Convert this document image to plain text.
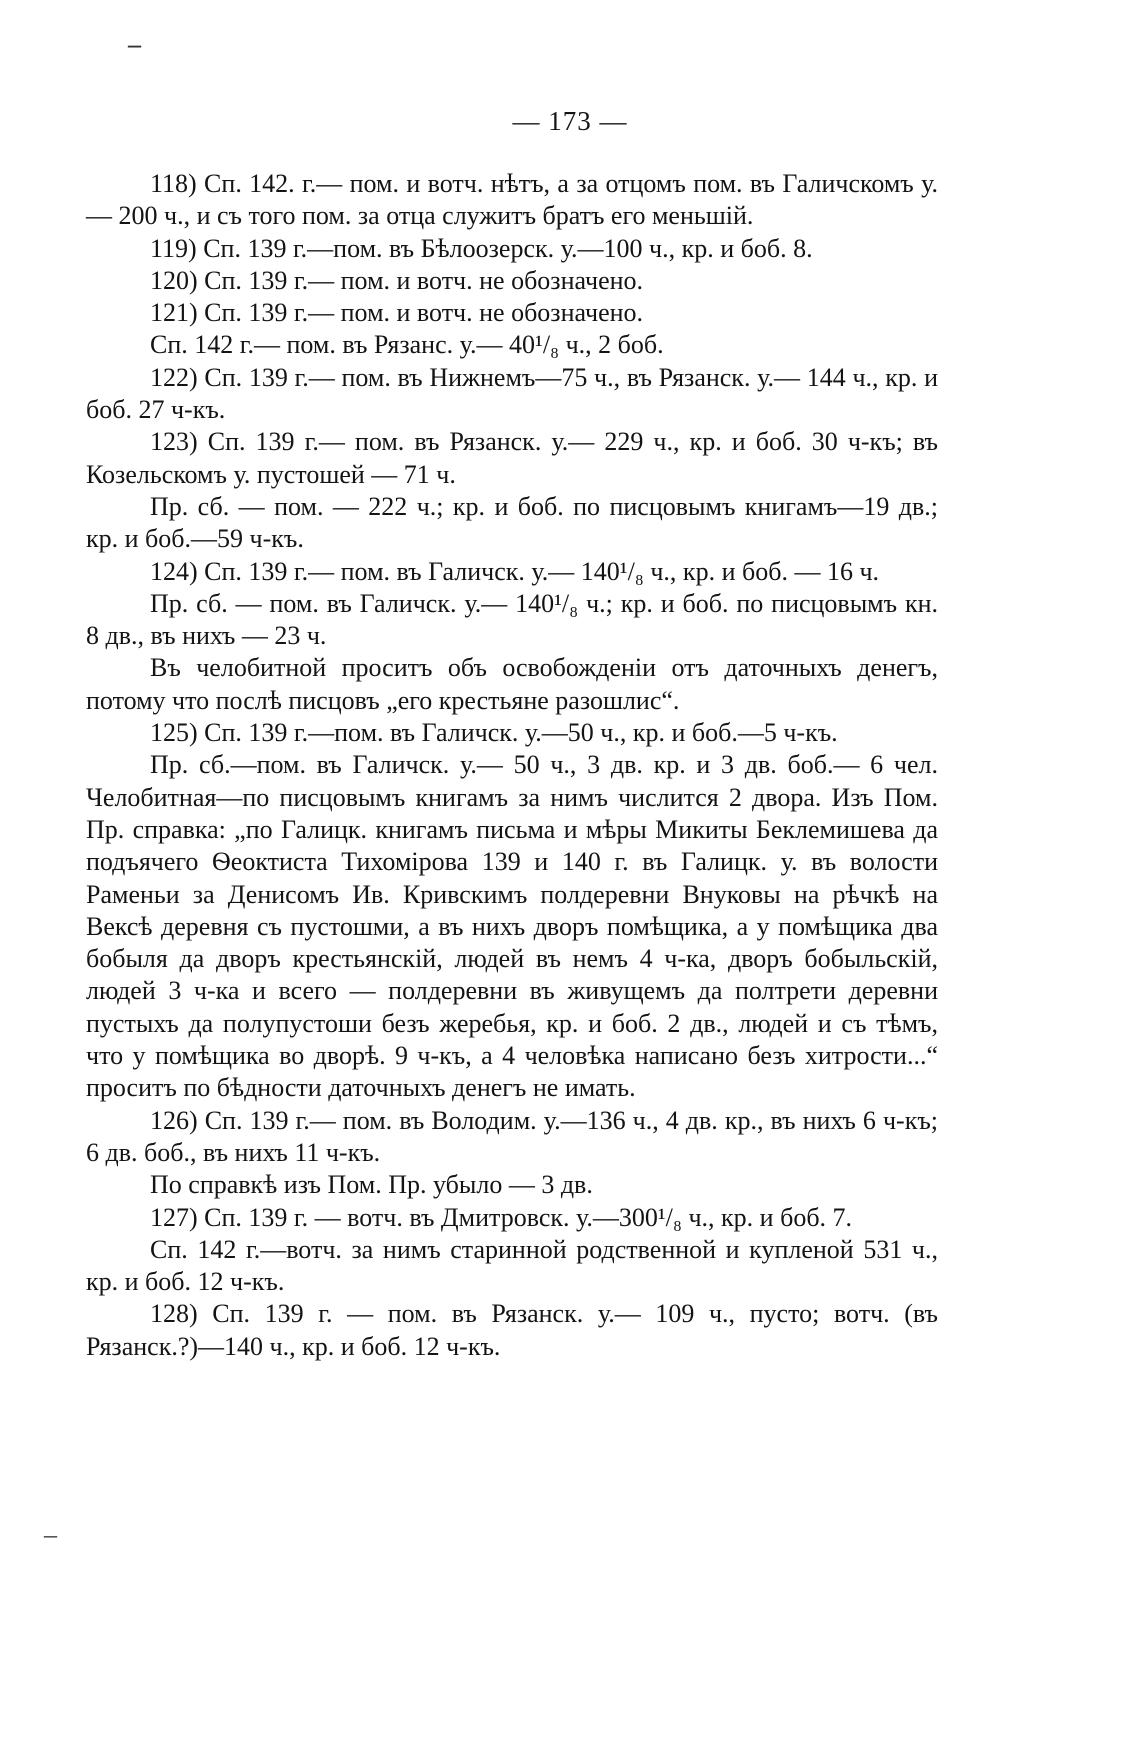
–
— 173 —

118) Сп. 142. г.— пом. и вотч. нѣтъ, а за отцомъ пом. въ Галичскомъ у.— 200 ч., и съ того пом. за отца служитъ братъ его меньшій.

119) Сп. 139 г.—пом. въ Бѣлоозерск. у.—100 ч., кр. и боб. 8.

120) Сп. 139 г.— пом. и вотч. не обозначено.

121) Сп. 139 г.— пом. и вотч. не обозначено.

Сп. 142 г.— пом. въ Рязанс. у.— 40¹/₈ ч., 2 боб.

122) Сп. 139 г.— пом. въ Нижнемъ—75 ч., въ Рязанск. у.— 144 ч., кр. и боб. 27 ч-къ.

123) Сп. 139 г.— пом. въ Рязанск. у.— 229 ч., кр. и боб. 30 ч-къ; въ Козельскомъ у. пустошей — 71 ч.

Пр. сб. — пом. — 222 ч.; кр. и боб. по писцовымъ книгамъ—19 дв.; кр. и боб.—59 ч-къ.

124) Сп. 139 г.— пом. въ Галичск. у.— 140¹/₈ ч., кр. и боб. — 16 ч.

Пр. сб. — пом. въ Галичск. у.— 140¹/₈ ч.; кр. и боб. по писцовымъ кн. 8 дв., въ нихъ — 23 ч.

Въ челобитной проситъ объ освобожденіи отъ даточныхъ денегъ, потому что послѣ писцовъ „его крестьяне разошлис“.

125) Сп. 139 г.—пом. въ Галичск. у.—50 ч., кр. и боб.—5 ч-къ.

Пр. сб.—пом. въ Галичск. у.— 50 ч., 3 дв. кр. и 3 дв. боб.— 6 чел. Челобитная—по писцовымъ книгамъ за нимъ числится 2 двора. Изъ Пом. Пр. справка: „по Галицк. книгамъ письма и мѣры Микиты Беклемишева да подъячего Ѳеоктиста Тихомірова 139 и 140 г. въ Галицк. у. въ волости Раменьи за Денисомъ Ив. Кривскимъ полдеревни Внуковы на рѣчкѣ на Вексѣ деревня съ пустошми, а въ нихъ дворъ помѣщика, а у помѣщика два бобыля да дворъ крестьянскій, людей въ немъ 4 ч-ка, дворъ бобыльскій, людей 3 ч-ка и всего — полдеревни въ живущемъ да полтрети деревни пустыхъ да полупустоши безъ жеребья, кр. и боб. 2 дв., людей и съ тѣмъ, что у помѣщика во дворѣ. 9 ч-къ, а 4 человѣка написано безъ хитрости...“ проситъ по бѣдности даточныхъ денегъ не имать.

126) Сп. 139 г.— пом. въ Володим. у.—136 ч., 4 дв. кр., въ нихъ 6 ч-къ; 6 дв. боб., въ нихъ 11 ч-къ.

По справкѣ изъ Пом. Пр. убыло — 3 дв.

127) Сп. 139 г. — вотч. въ Дмитровск. у.—300¹/₈ ч., кр. и боб. 7.

Сп. 142 г.—вотч. за нимъ старинной родственной и купленой 531 ч., кр. и боб. 12 ч-къ.

128) Сп. 139 г. — пом. въ Рязанск. у.— 109 ч., пусто; вотч. (въ Рязанск.?)—140 ч., кр. и боб. 12 ч-къ.

–
